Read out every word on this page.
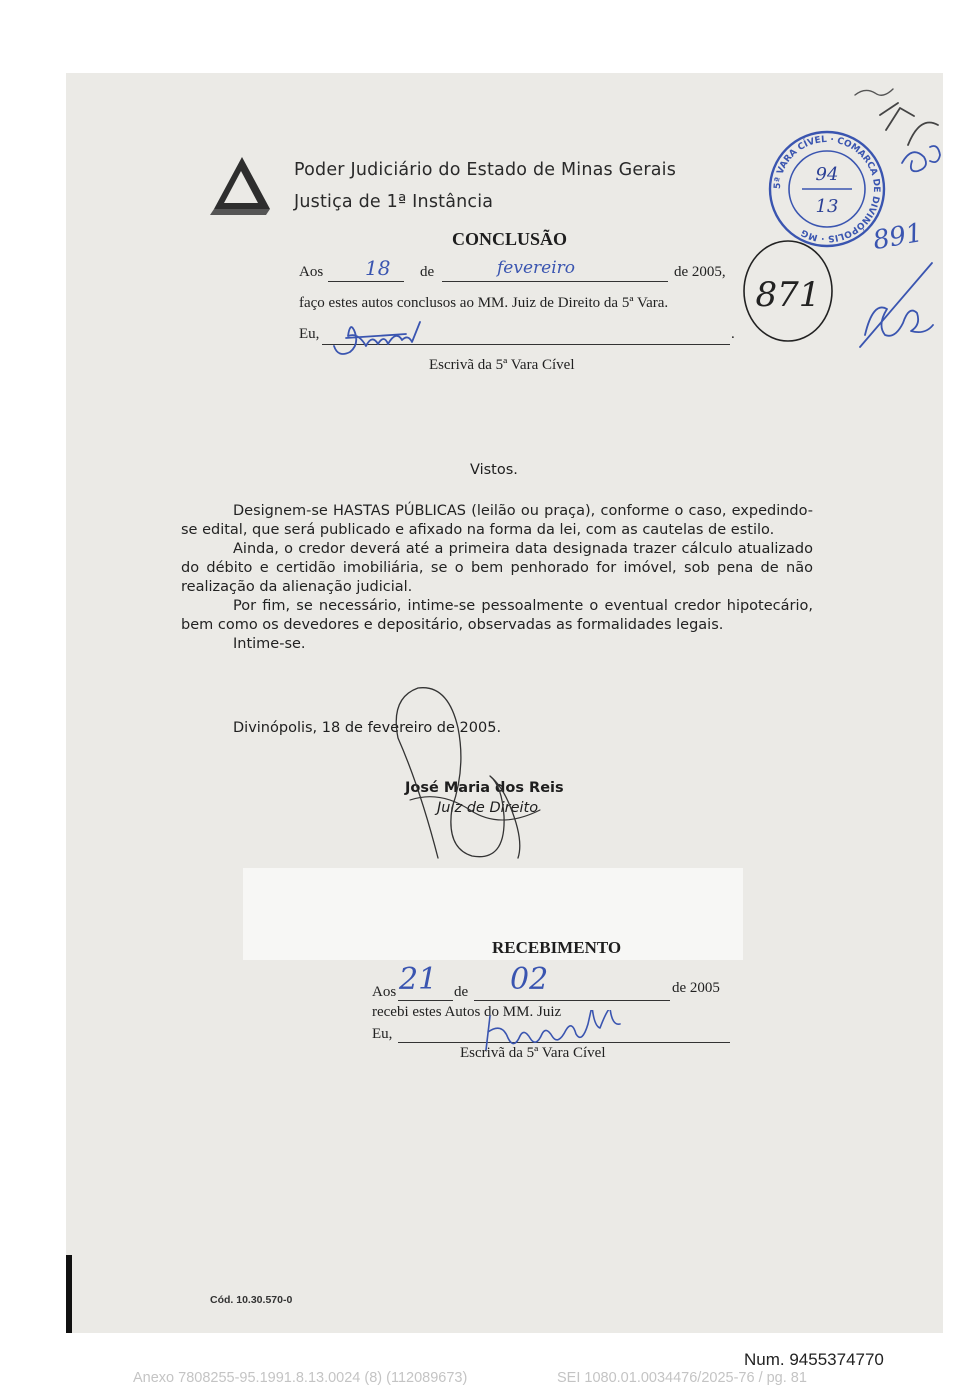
Poder Judiciário do Estado de Minas Gerais
Justiça de 1ª Instância
5ª VARA CÍVEL · COMARCA DE DIVINÓPOLIS · MG
94
13
CONCLUSÃO
Aos 18 de	fevereiro	de 2005,
faço estes autos conclusos ao MM. Juiz de Direito da 5ª Vara.
Eu,	.
Escrivã da 5ª Vara Cível
871
891
Vistos.

Designem-se HASTAS PÚBLICAS (leilão ou praça), conforme o caso, expedindo-se edital, que será publicado e afixado na forma da lei, com as cautelas de estilo.

Ainda, o credor deverá até a primeira data designada trazer cálculo atualizado do débito e certidão imobiliária, se o bem penhorado for imóvel, sob pena de não realização da alienação judicial.

Por fim, se necessário, intime-se pessoalmente o eventual credor hipotecário, bem como os devedores e depositário, observadas as formalidades legais.

Intime-se.

Divinópolis, 18 de fevereiro de 2005.
José Maria dos Reis
Juiz de Direito
RECEBIMENTO
Aos 21 de 02	de 2005
recebi estes Autos do MM. Juiz
Eu,
Escrivã da 5ª Vara Cível
Cód. 10.30.570-0
Num. 9455374770
Anexo 7808255-95.1991.8.13.0024 (8) (112089673)	SEI 1080.01.0034476/2025-76 / pg. 81
